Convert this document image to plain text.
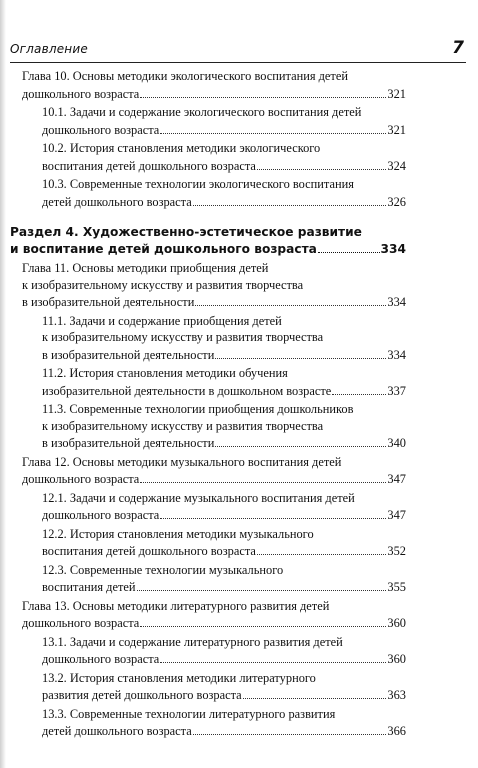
Оглавление	7
Глава 10. Основы методики экологического воспитания детей
дошкольного возраста	321
10.1. Задачи и содержание экологического воспитания детей
дошкольного возраста	321
10.2. История становления методики экологического
воспитания детей дошкольного возраста	324
10.3. Современные технологии экологического воспитания
детей дошкольного возраста	326
Раздел 4. Художественно-эстетическое развитие
и воспитание детей дошкольного возраста	334
Глава 11. Основы методики приобщения детей
к изобразительному искусству и развития творчества
в изобразительной деятельности	334
11.1. Задачи и содержание приобщения детей
к изобразительному искусству и развития творчества
в изобразительной деятельности	334
11.2. История становления методики обучения
изобразительной деятельности в дошкольном возрасте	337
11.3. Современные технологии приобщения дошкольников
к изобразительному искусству и развития творчества
в изобразительной деятельности	340
Глава 12. Основы методики музыкального воспитания детей
дошкольного возраста	347
12.1. Задачи и содержание музыкального воспитания детей
дошкольного возраста	347
12.2. История становления методики музыкального
воспитания детей дошкольного возраста	352
12.3. Современные технологии музыкального
воспитания детей	355
Глава 13. Основы методики литературного развития детей
дошкольного возраста	360
13.1. Задачи и содержание литературного развития детей
дошкольного возраста	360
13.2. История становления методики литературного
развития детей дошкольного возраста	363
13.3. Современные технологии литературного развития
детей дошкольного возраста	366
